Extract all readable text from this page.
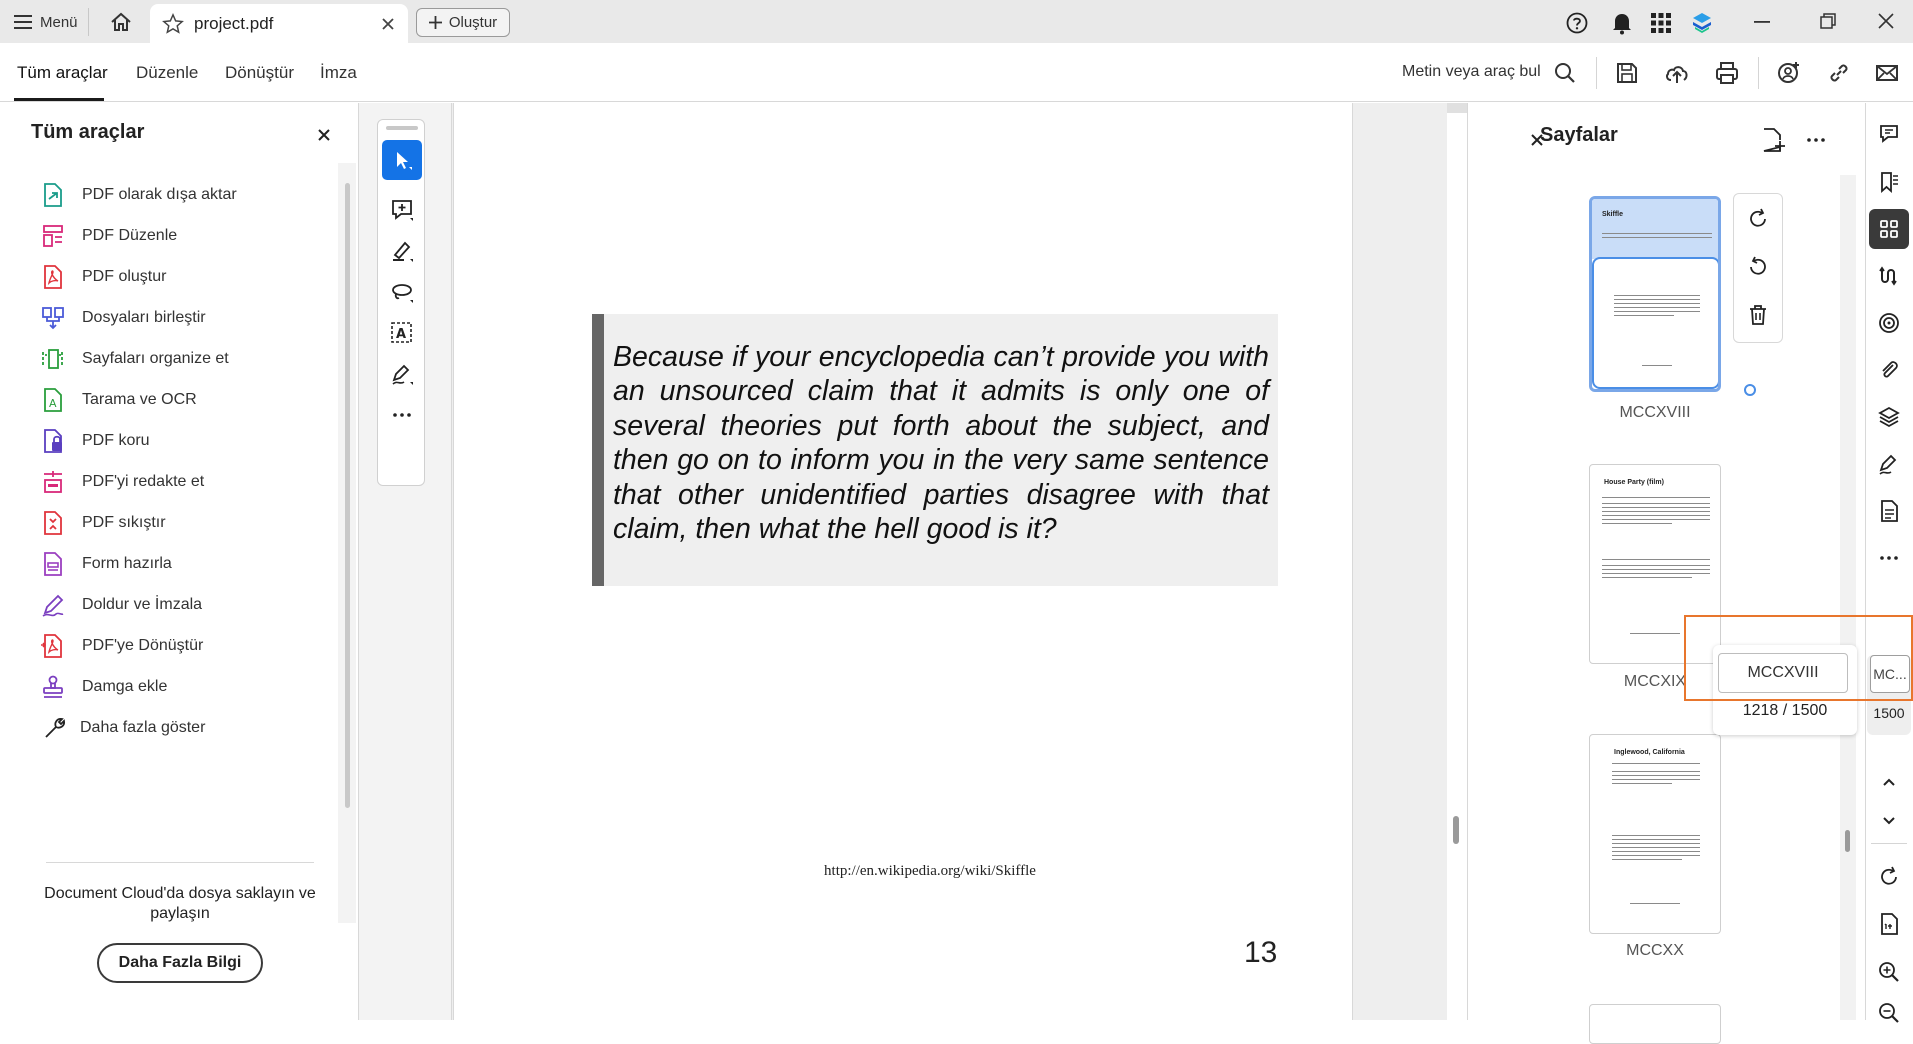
Menü	project.pdf	Oluştur
Tüm araçlar Düzenle Dönüştür İmza	Metin veya araç bul
Tüm araçlar
PDF olarak dışa aktar
PDF Düzenle
PDF oluştur
Dosyaları birleştir
Sayfaları organize et
A Tarama ve OCR
PDF koru
PDF'yi redakte et
PDF sıkıştır
Form hazırla
Doldur ve İmzala
PDF'ye Dönüştür
Damga ekle
Daha fazla göster
Document Cloud'da dosya saklayın ve paylaşın
Daha Fazla Bilgi
A
Because if your encyclopedia can’t provide you with an unsourced claim that it admits is only one of several theories put forth about the subject, and then go on to inform you in the very same sentence that other unidentified parties disagree with that claim, then what the hell good is it?
http://en.wikipedia.org/wiki/Skiffle
13
Sayfalar
Skiffle
MCCXVIII
House Party (film)
MCCXIX
Inglewood, California
MCCXX
MCCXVIII
1218 / 1500
MC...
1500
